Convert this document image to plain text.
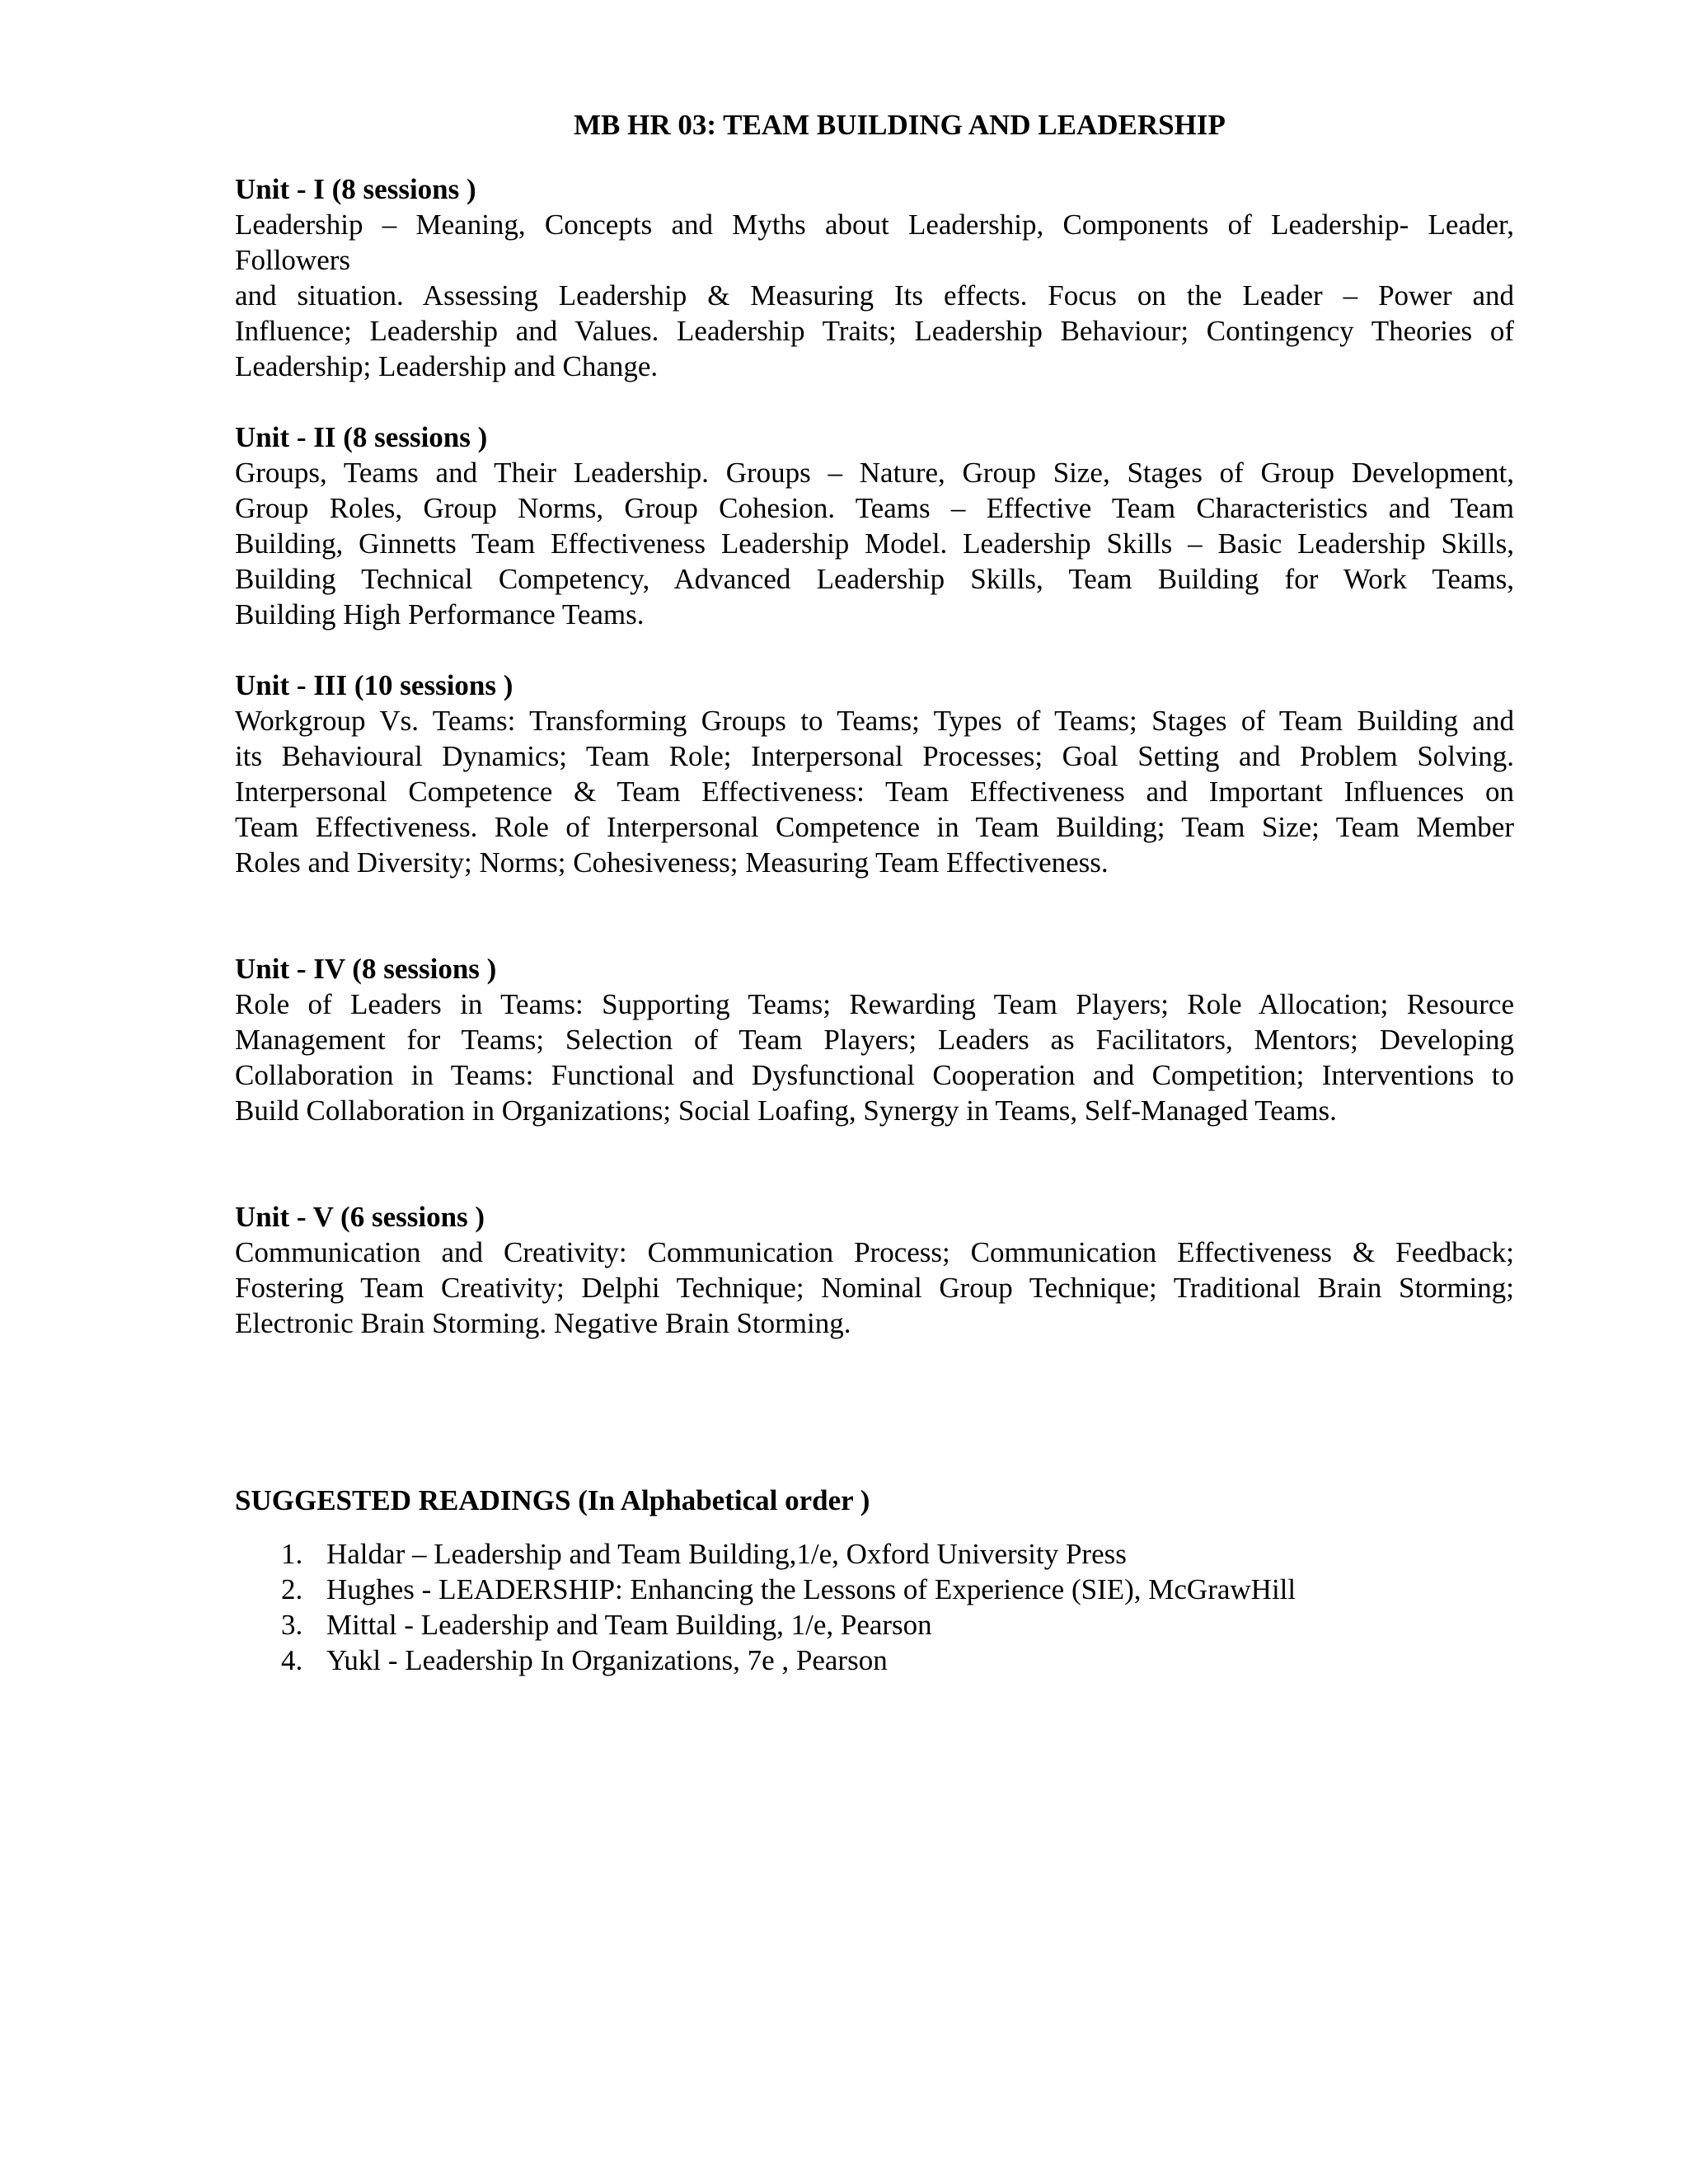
MB HR 03: TEAM BUILDING AND LEADERSHIP
Unit - I (8 sessions )
Leadership – Meaning, Concepts and Myths about Leadership, Components of Leadership- Leader,
Followers
and situation. Assessing Leadership & Measuring Its effects. Focus on the Leader – Power and
Influence; Leadership and Values. Leadership Traits; Leadership Behaviour; Contingency Theories of
Leadership; Leadership and Change.
Unit - II (8 sessions )
Groups, Teams and Their Leadership. Groups – Nature, Group Size, Stages of Group Development,
Group Roles, Group Norms, Group Cohesion. Teams – Effective Team Characteristics and Team
Building, Ginnetts Team Effectiveness Leadership Model. Leadership Skills – Basic Leadership Skills,
Building Technical Competency, Advanced Leadership Skills, Team Building for Work Teams,
Building High Performance Teams.
Unit - III (10 sessions )
Workgroup Vs. Teams: Transforming Groups to Teams; Types of Teams; Stages of Team Building and
its Behavioural Dynamics; Team Role; Interpersonal Processes; Goal Setting and Problem Solving.
Interpersonal Competence & Team Effectiveness: Team Effectiveness and Important Influences on
Team Effectiveness. Role of Interpersonal Competence in Team Building; Team Size; Team Member
Roles and Diversity; Norms; Cohesiveness; Measuring Team Effectiveness.
Unit - IV (8 sessions )
Role of Leaders in Teams: Supporting Teams; Rewarding Team Players; Role Allocation; Resource
Management for Teams; Selection of Team Players; Leaders as Facilitators, Mentors; Developing
Collaboration in Teams: Functional and Dysfunctional Cooperation and Competition; Interventions to
Build Collaboration in Organizations; Social Loafing, Synergy in Teams, Self-Managed Teams.
Unit - V (6 sessions )
Communication and Creativity: Communication Process; Communication Effectiveness & Feedback;
Fostering Team Creativity; Delphi Technique; Nominal Group Technique; Traditional Brain Storming;
Electronic Brain Storming. Negative Brain Storming.
SUGGESTED READINGS (In Alphabetical order )
1. Haldar – Leadership and Team Building,1/e, Oxford University Press
2. Hughes - LEADERSHIP: Enhancing the Lessons of Experience (SIE), McGrawHill
3. Mittal - Leadership and Team Building, 1/e, Pearson
4. Yukl - Leadership In Organizations, 7e , Pearson
